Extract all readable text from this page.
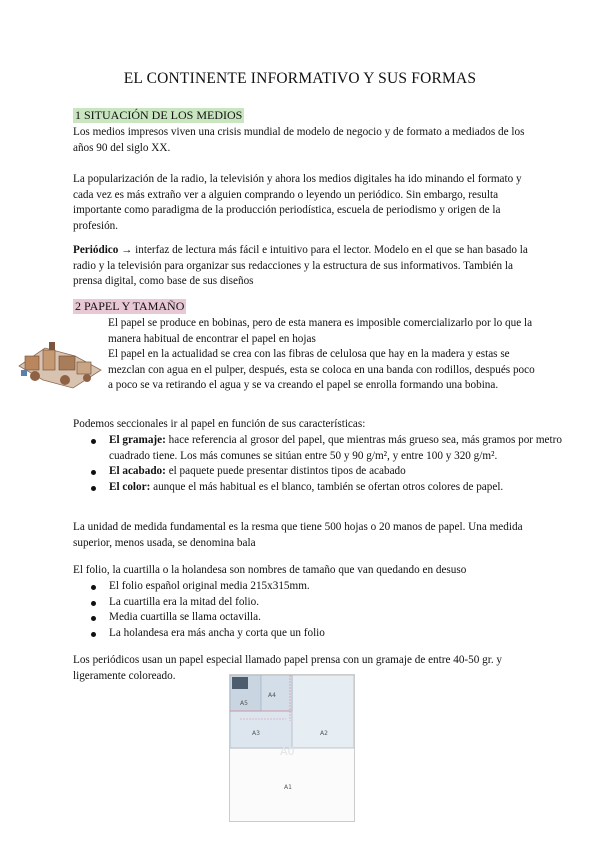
EL CONTINENTE INFORMATIVO Y SUS FORMAS
1 SITUACIÓN DE LOS MEDIOS

Los medios impresos viven una crisis mundial de modelo de negocio y de formato a mediados de los años 90 del siglo XX.

La popularización de la radio, la televisión y ahora los medios digitales ha ido minando el formato y cada vez es más extraño ver a alguien comprando o leyendo un periódico. Sin embargo, resulta importante como paradigma de la producción periodística, escuela de periodismo y origen de la profesión.

Periódico → interfaz de lectura más fácil e intuitivo para el lector. Modelo en el que se han basado la radio y la televisión para organizar sus redacciones y la estructura de sus informativos. También la prensa digital, como base de sus diseños

2 PAPEL Y TAMAÑO

El papel se produce en bobinas, pero de esta manera es imposible comercializarlo por lo que la manera habitual de encontrar el papel en hojas

El papel en la actualidad se crea con las fibras de celulosa que hay en la madera y estas se mezclan con agua en el pulper, después, esta se coloca en una banda con rodillos, después poco a poco se va retirando el agua y se va creando el papel se enrolla formando una bobina.

Podemos seccionales ir al papel en función de sus características:

El gramaje: hace referencia al grosor del papel, que mientras más grueso sea, más gramos por metro cuadrado tiene. Los más comunes se sitúan entre 50 y 90 g/m², y entre 100 y 320 g/m².
El acabado: el paquete puede presentar distintos tipos de acabado
El color: aunque el más habitual es el blanco, también se ofertan otros colores de papel.

La unidad de medida fundamental es la resma que tiene 500 hojas o 20 manos de papel. Una medida superior, menos usada, se denomina bala

El folio, la cuartilla o la holandesa son nombres de tamaño que van quedando en desuso

El folio español original media 215x315mm.
La cuartilla era la mitad del folio.
Media cuartilla se llama octavilla.
La holandesa era más ancha y corta que un folio

Los periódicos usan un papel especial llamado papel prensa con un gramaje de entre 40-50 gr. y ligeramente coloreado.

A4
A5
A3	A2
A1
A0
